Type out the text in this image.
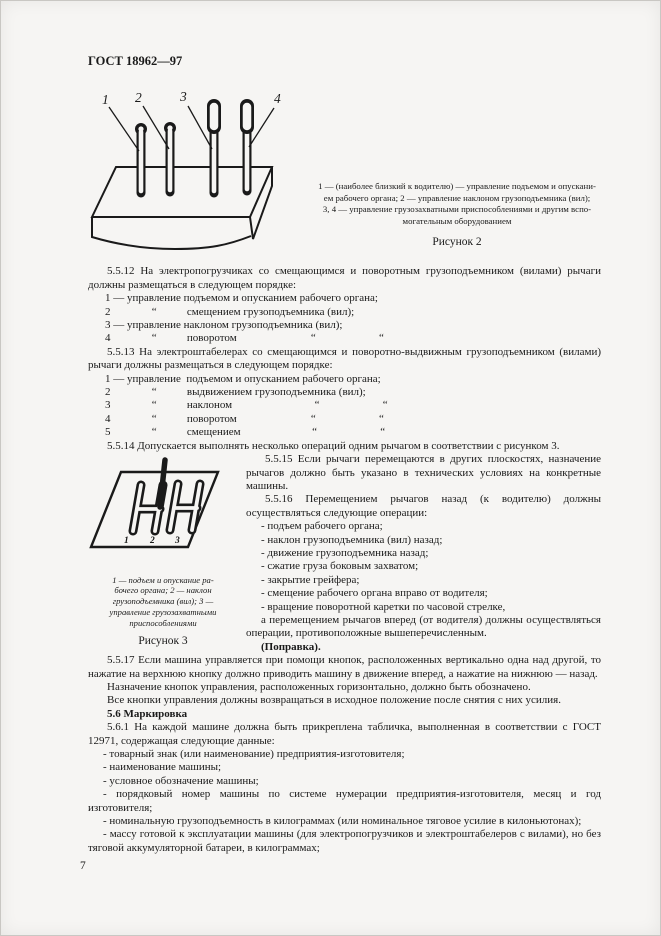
ГОСТ 18962—97
1 2	3	4
1 — (наиболее близкий к водителю) — управление подъемом и опускани-
ем рабочего органа; 2 — управление наклоном грузоподъемника (вил);
3, 4 — управление грузозахватными приспособлениями и другим вспо-
могательным оборудованием
Рисунок 2

5.5.12 На электропогрузчиках со смещающимся и поворотным грузоподъемником (вилами) рычаги должны размещаться в следующем порядке:

1 — управление подъемом и опусканием рабочего органа;
2               “           смещением грузоподъемника (вил);
3 — управление наклоном грузоподъемника (вил);
4               “           поворотом                           “                       “

5.5.13 На электроштабелерах со смещающимся и поворотно-выдвижным грузоподъемником (вилами) рычаги должны размещаться в следующем порядке:

1 — управление  подъемом и опусканием рабочего органа;
2               “           выдвижением грузоподъемника (вил);
3               “           наклоном                              “                       “
4               “           поворотом                           “                       “
5               “           смещением                          “                       “

5.5.14 Допускается выполнять несколько операций одним рычагом в соответствии с рисунком 3.

1 2 3
1 — подъем и опускание ра-
бочего органа; 2 — наклон
грузоподъемника (вил); 3 —
управление грузозахватными
приспособлениями
Рисунок 3

5.5.15 Если рычаги перемещаются в других плоскостях, назначение рычагов должно быть указано в технических условиях на конкретные машины.

5.5.16 Перемещением рычагов назад (к водителю) должны осуществляться следующие операции:

- подъем рабочего органа;

- наклон грузоподъемника (вил) назад;

- движение грузоподъемника назад;

- сжатие груза боковым захватом;

- закрытие грейфера;

- смещение рабочего органа вправо от водителя;

- вращение поворотной каретки по часовой стрелке,

а перемещением рычагов вперед (от водителя) должны осуществляться операции, противоположные вышеперечисленным.

(Поправка).

5.5.17 Если машина управляется при помощи кнопок, расположенных вертикально одна над другой, то нажатие на верхнюю кнопку должно приводить машину в движение вперед, а нажатие на нижнюю — назад.

Назначение кнопок управления, расположенных горизонтально, должно быть обозначено.

Все кнопки управления должны возвращаться в исходное положение после снятия с них усилия.

5.6 Маркировка

5.6.1 На каждой машине должна быть прикреплена табличка, выполненная в соответствии с ГОСТ 12971, содержащая следующие данные:

- товарный знак (или наименование) предприятия-изготовителя;

- наименование машины;

- условное обозначение машины;

- порядковый номер машины по системе нумерации предприятия-изготовителя, месяц и год изготовителя;

- номинальную грузоподъемность в килограммах (или номинальное тяговое усилие в килоньютонах);

- массу готовой к эксплуатации машины (для электропогрузчиков и электроштабелеров с вилами), но без тяговой аккумуляторной батареи, в килограммах;

7
